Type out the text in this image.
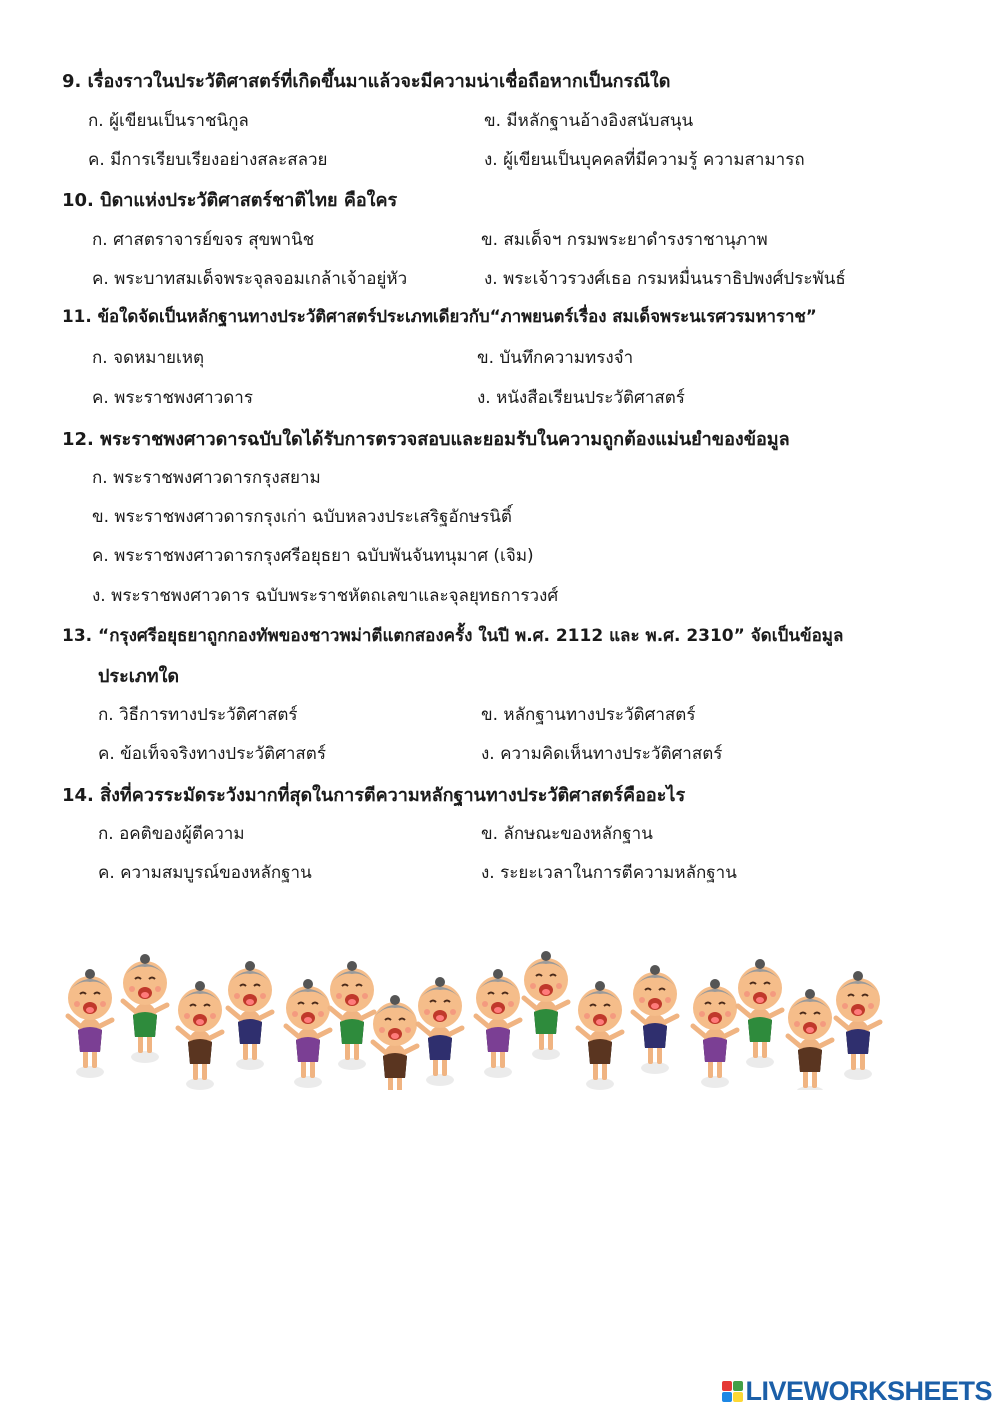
9. เรื่องราวในประวัติศาสตร์ที่เกิดขึ้นมาแล้วจะมีความน่าเชื่อถือหากเป็นกรณีใด
ก. ผู้เขียนเป็นราชนิกูล	ข. มีหลักฐานอ้างอิงสนับสนุน
ค. มีการเรียบเรียงอย่างสละสลวย	ง. ผู้เขียนเป็นบุคคลที่มีความรู้ ความสามารถ
10. บิดาแห่งประวัติศาสตร์ชาติไทย คือใคร
ก. ศาสตราจารย์ขจร สุขพานิช	ข. สมเด็จฯ กรมพระยาดำรงราชานุภาพ
ค. พระบาทสมเด็จพระจุลจอมเกล้าเจ้าอยู่หัว	ง. พระเจ้าวรวงศ์เธอ กรมหมื่นนราธิปพงศ์ประพันธ์
11. ข้อใดจัดเป็นหลักฐานทางประวัติศาสตร์ประเภทเดียวกับ“ภาพยนตร์เรื่อง สมเด็จพระนเรศวรมหาราช”
ก. จดหมายเหตุ	ข. บันทึกความทรงจำ
ค. พระราชพงศาวดาร	ง. หนังสือเรียนประวัติศาสตร์
12. พระราชพงศาวดารฉบับใดได้รับการตรวจสอบและยอมรับในความถูกต้องแม่นยำของข้อมูล
ก. พระราชพงศาวดารกรุงสยาม
ข. พระราชพงศาวดารกรุงเก่า ฉบับหลวงประเสริฐอักษรนิติ์
ค. พระราชพงศาวดารกรุงศรีอยุธยา ฉบับพันจันทนุมาศ (เจิม)
ง. พระราชพงศาวดาร ฉบับพระราชหัตถเลขาและจุลยุทธการวงศ์
13. “กรุงศรีอยุธยาถูกกองทัพของชาวพม่าตีแตกสองครั้ง ในปี พ.ศ. 2112 และ พ.ศ. 2310” จัดเป็นข้อมูล
ประเภทใด
ก. วิธีการทางประวัติศาสตร์	ข. หลักฐานทางประวัติศาสตร์
ค. ข้อเท็จจริงทางประวัติศาสตร์	ง. ความคิดเห็นทางประวัติศาสตร์
14. สิ่งที่ควรระมัดระวังมากที่สุดในการตีความหลักฐานทางประวัติศาสตร์คืออะไร
ก. อคติของผู้ตีความ	ข. ลักษณะของหลักฐาน
ค. ความสมบูรณ์ของหลักฐาน	ง. ระยะเวลาในการตีความหลักฐาน
LIVEWORKSHEETS
